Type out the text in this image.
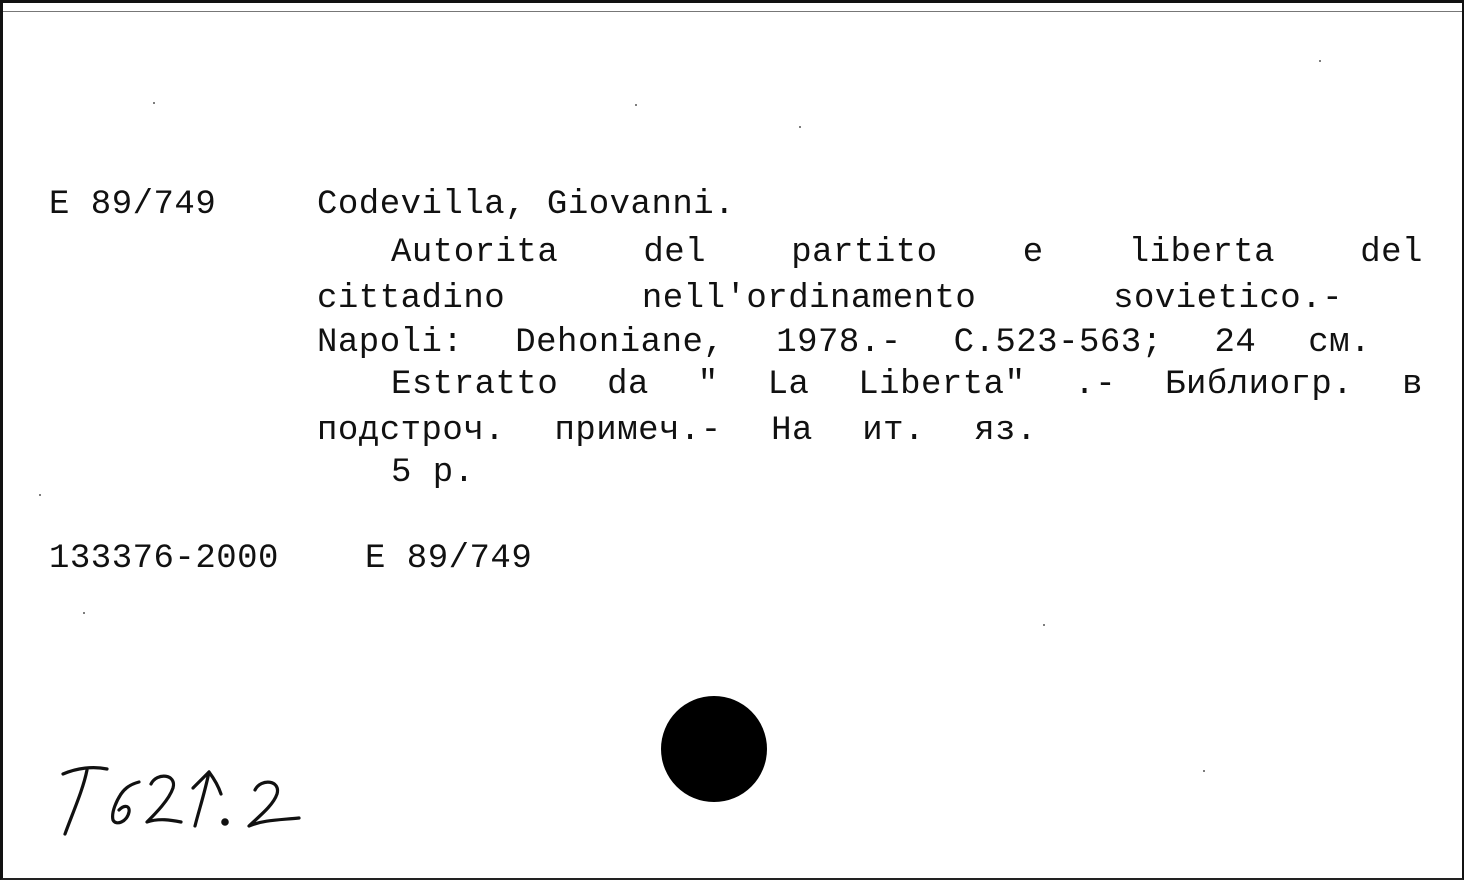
E 89/749	Codevilla, Giovanni.
Autorita	del	partito	e	liberta	del
cittadino	nell'ordinamento	sovietico.-
Napoli: Dehoniane, 1978.- С.523-563; 24 см.
Estratto da " La Liberta" .- Библиогр. в
подстроч. примеч.- На ит. яз.
5 р.
133376-2000	E 89/749
